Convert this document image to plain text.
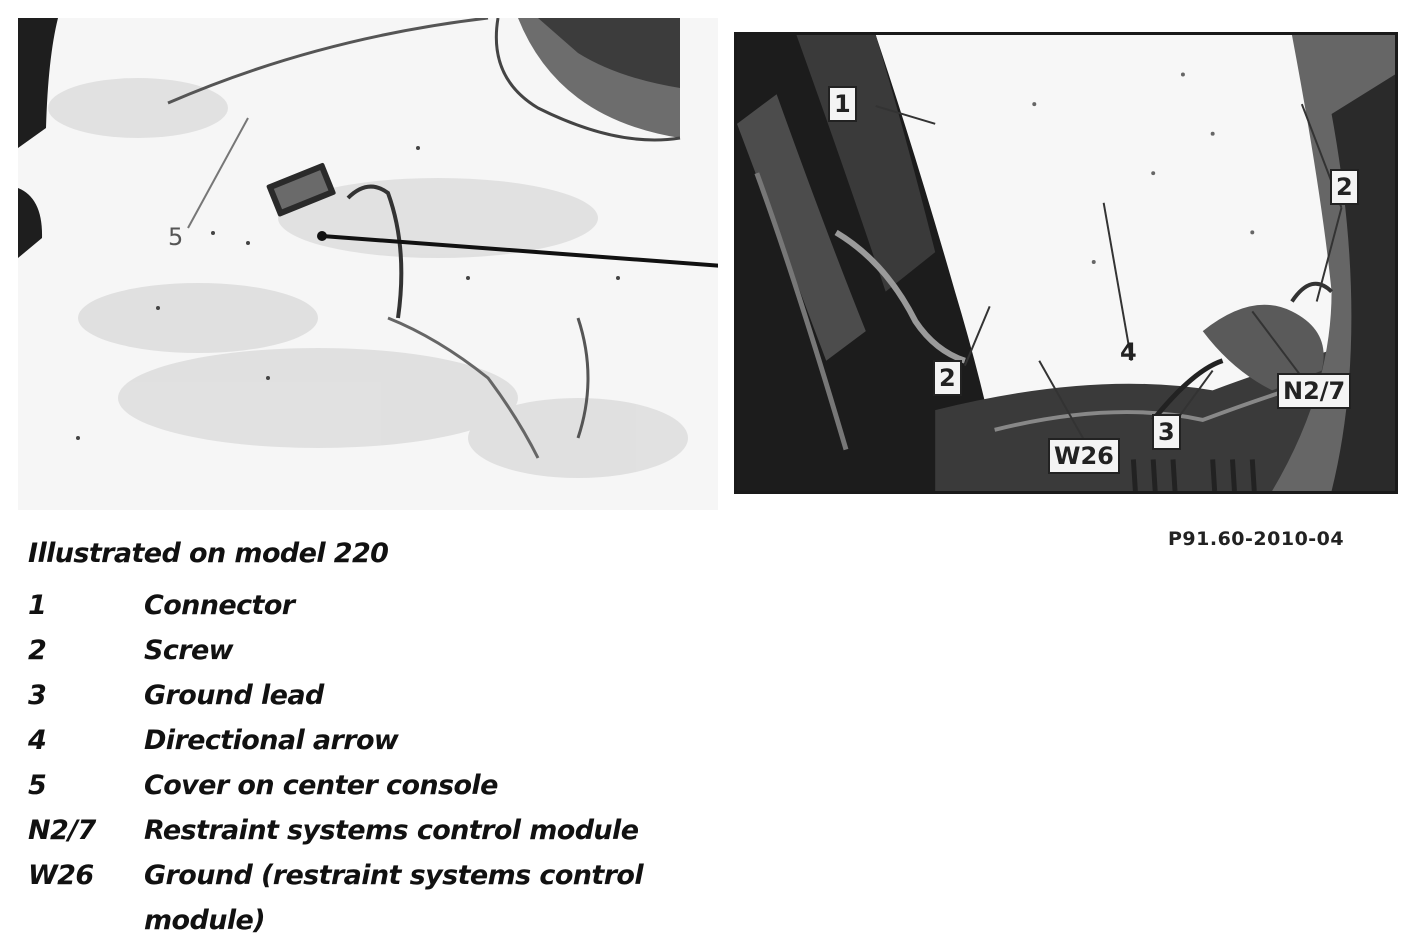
5
1
2
2
4
N2/7
3
W26
P91.60-2010-04
Illustrated on model 220
1	Connector
2	Screw
3	Ground lead
4	Directional arrow
5	Cover on center console
N2/7	Restraint systems control module
W26	Ground (restraint systems control module)
